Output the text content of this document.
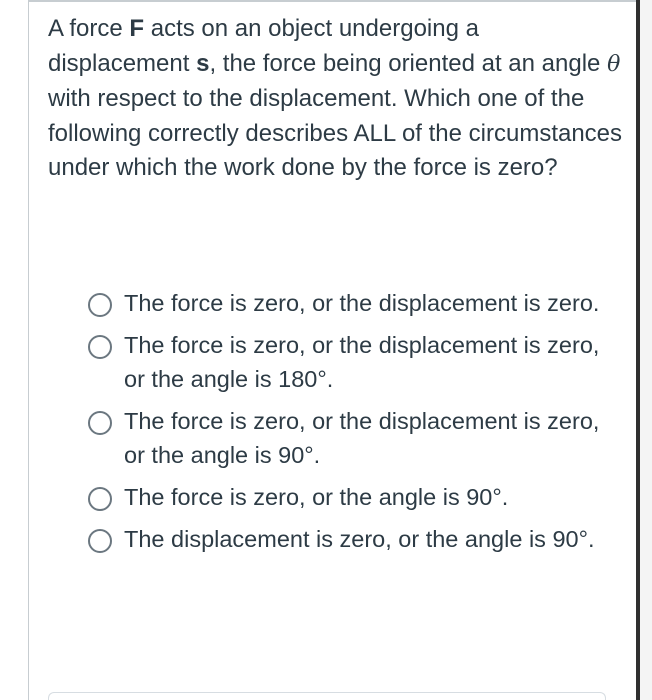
A force F acts on an object undergoing a displacement s, the force being oriented at an angle θ with respect to the displacement. Which one of the following correctly describes ALL of the circumstances under which the work done by the force is zero?
The force is zero, or the displacement is zero.
The force is zero, or the displacement is zero, or the angle is 180°.
The force is zero, or the displacement is zero, or the angle is 90°.
The force is zero, or the angle is 90°.
The displacement is zero, or the angle is 90°.
